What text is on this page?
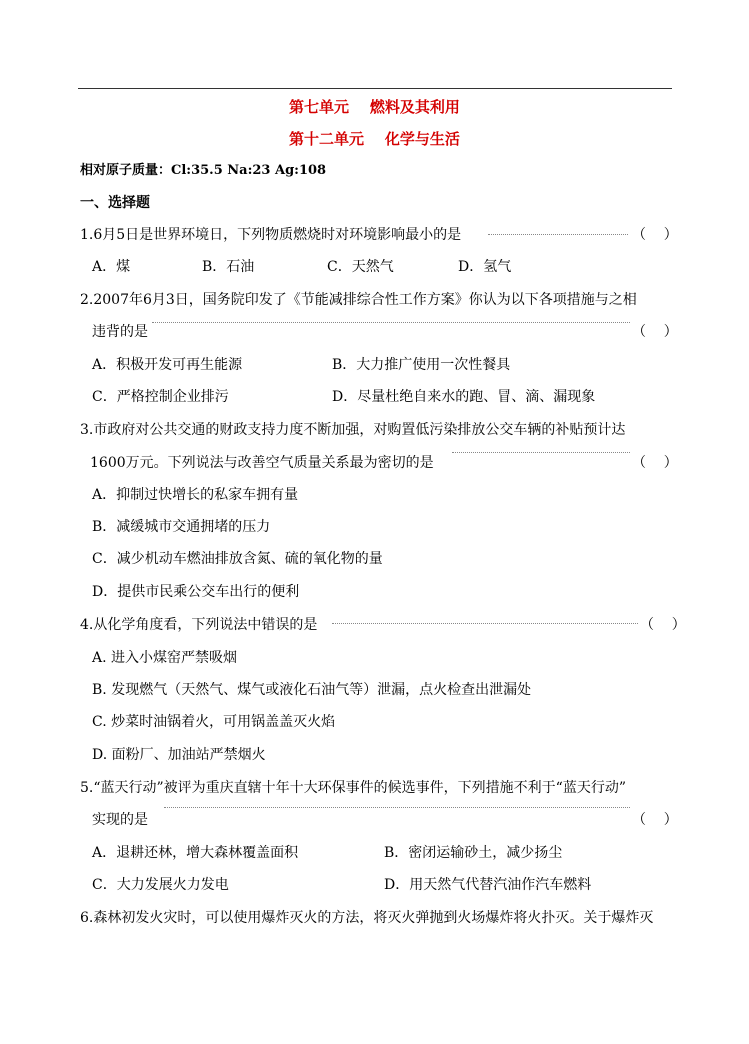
第七单元    燃料及其利用
第十二单元    化学与生活
相对原子质量：Cl:35.5 Na:23 Ag:108
一、选择题
1.6月5日是世界环境日，下列物质燃烧时对环境影响最小的是	（    ）
A．煤	B．石油	C．天然气	D．氢气
2.2007年6月3日，国务院印发了《节能减排综合性工作方案》你认为以下各项措施与之相
违背的是	（    ）
A．积极开发可再生能源	B．大力推广使用一次性餐具
C．严格控制企业排污	D．尽量杜绝自来水的跑、冒、滴、漏现象
3.市政府对公共交通的财政支持力度不断加强，对购置低污染排放公交车辆的补贴预计达
1600万元。下列说法与改善空气质量关系最为密切的是	（    ）
A．抑制过快增长的私家车拥有量
B．减缓城市交通拥堵的压力
C．减少机动车燃油排放含氮、硫的氧化物的量
D．提供市民乘公交车出行的便利
4.从化学角度看，下列说法中错误的是	（    ）
A. 进入小煤窑严禁吸烟
B. 发现燃气（天然气、煤气或液化石油气等）泄漏，点火检查出泄漏处
C. 炒菜时油锅着火，可用锅盖盖灭火焰
D. 面粉厂、加油站严禁烟火
5.“蓝天行动”被评为重庆直辖十年十大环保事件的候选事件，下列措施不利于“蓝天行动”
实现的是	（    ）
A．退耕还林，增大森林覆盖面积	B．密闭运输砂土，减少扬尘
C．大力发展火力发电	D．用天然气代替汽油作汽车燃料
6.森林初发火灾时，可以使用爆炸灭火的方法，将灭火弹抛到火场爆炸将火扑灭。关于爆炸灭
